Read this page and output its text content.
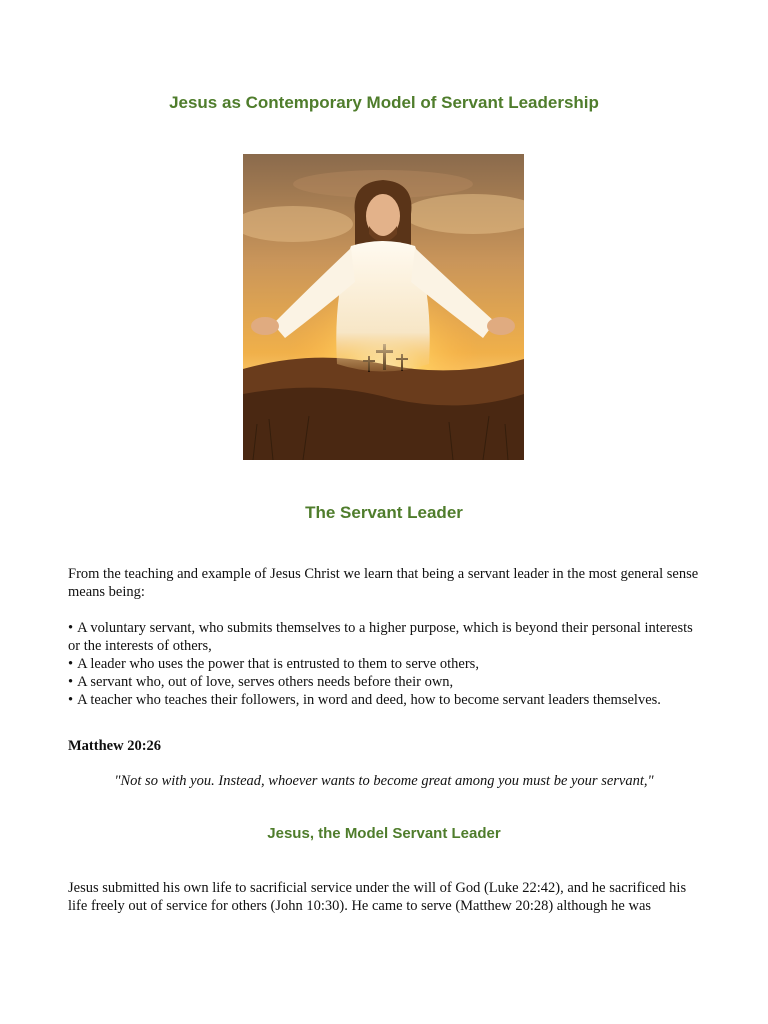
Jesus as Contemporary Model of Servant Leadership
The Servant Leader
From the teaching and example of Jesus Christ we learn that being a servant leader in the most general sense means being:
• A voluntary servant, who submits themselves to a higher purpose, which is beyond their personal interests or the interests of others,
• A leader who uses the power that is entrusted to them to serve others,
• A servant who, out of love, serves others needs before their own,
• A teacher who teaches their followers, in word and deed, how to become servant leaders themselves.
Matthew 20:26
"Not so with you. Instead, whoever wants to become great among you must be your servant,"
Jesus, the Model Servant Leader
Jesus submitted his own life to sacrificial service under the will of God (Luke 22:42), and he sacrificed his life freely out of service for others (John 10:30). He came to serve (Matthew 20:28) although he was
